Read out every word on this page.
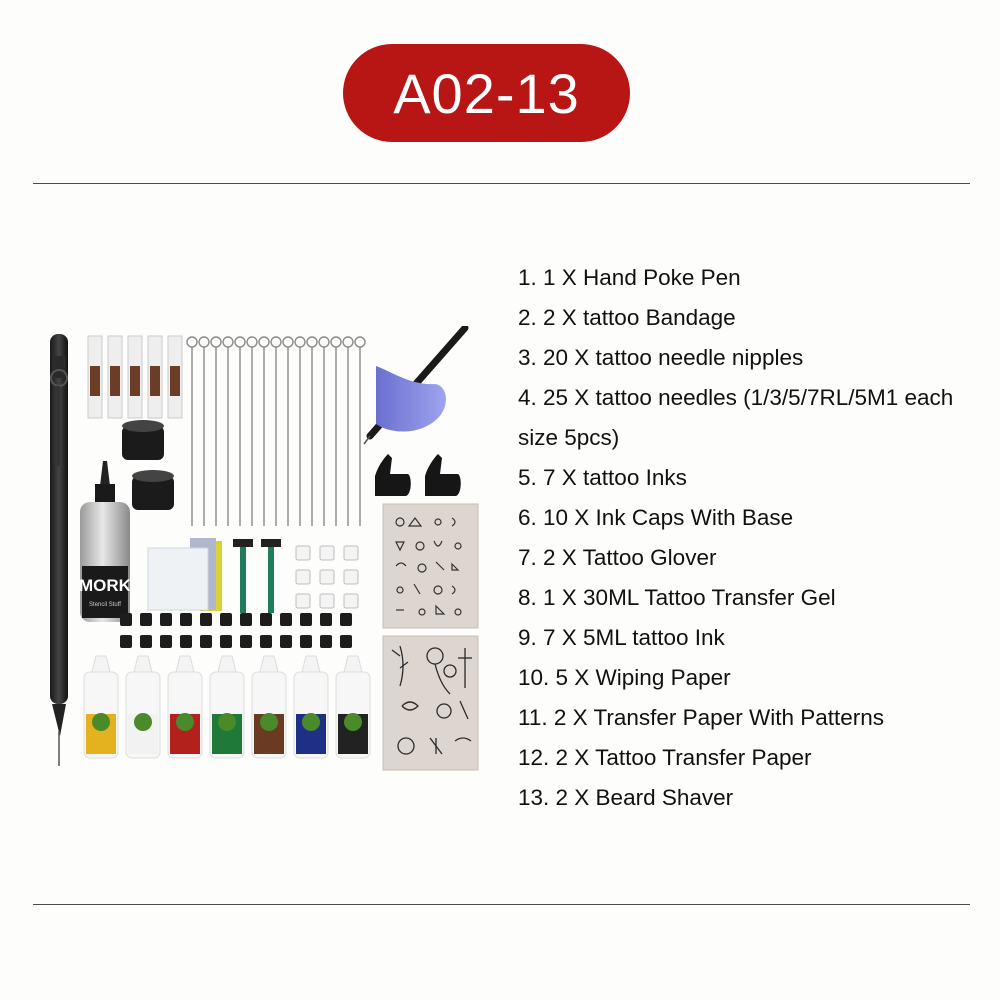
A02-13
MORK
Stencil Stuff
1. 1 X Hand Poke Pen
2. 2 X tattoo Bandage
3. 20 X tattoo needle nipples
4. 25 X tattoo needles (1/3/5/7RL/5M1 each size 5pcs)
5. 7 X tattoo Inks
6. 10 X Ink Caps With Base
7. 2 X Tattoo Glover
8. 1 X 30ML Tattoo Transfer Gel
9. 7 X 5ML tattoo Ink
10. 5 X Wiping Paper
11. 2 X Transfer Paper With Patterns
12. 2 X Tattoo Transfer Paper
13. 2 X Beard Shaver
